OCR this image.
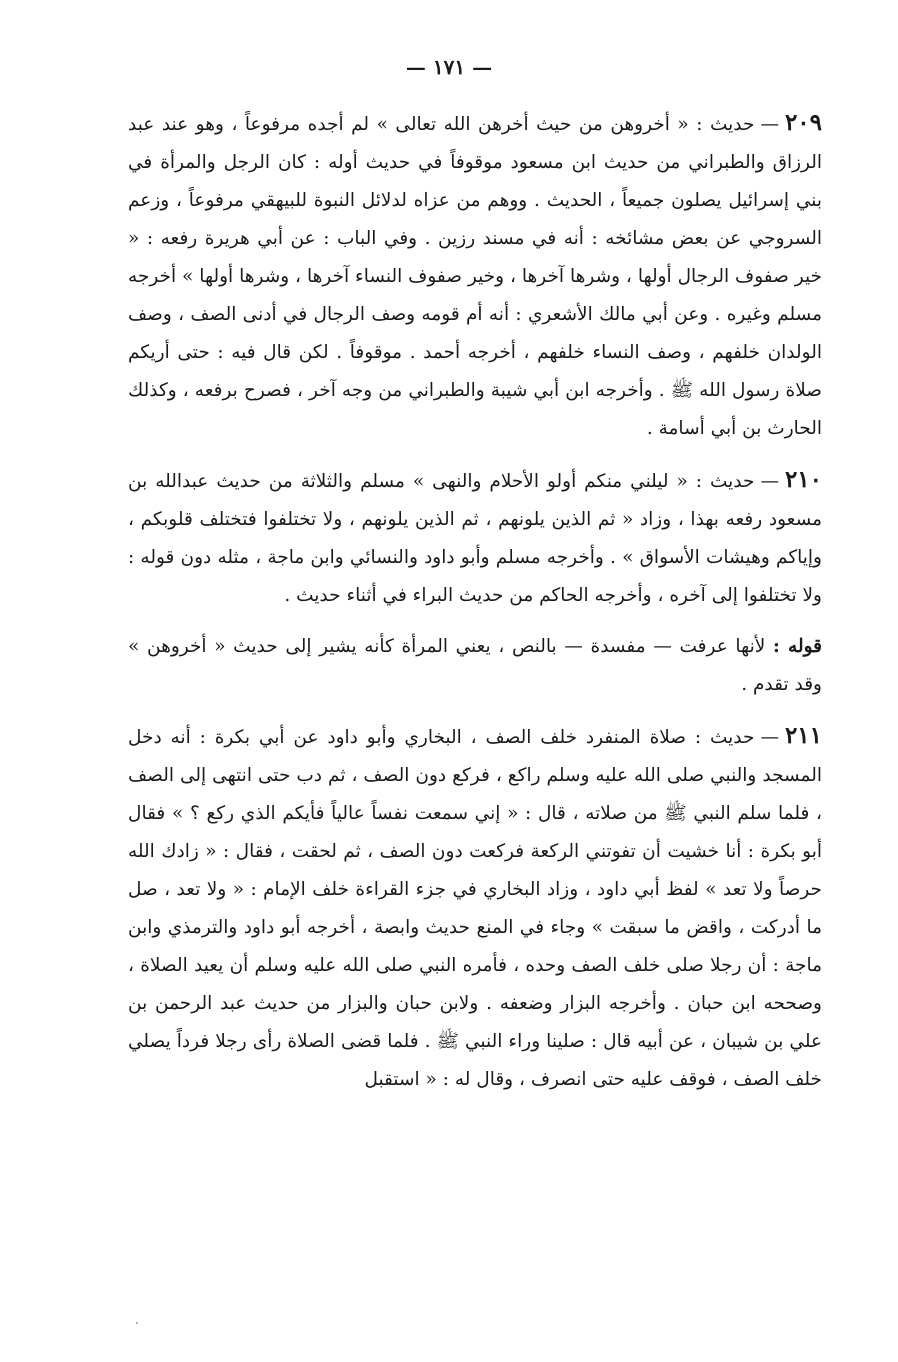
— ١٧١ —

٢٠٩—حديث : « أخروهن من حيث أخرهن الله تعالى » لم أجده مرفوعاً ، وهو عند عبد الرزاق والطبراني من حديث ابن مسعود موقوفاً في حديث أوله : كان الرجل والمرأة في بني إسرائيل يصلون جميعاً ، الحديث . ووهم من عزاه لدلائل النبوة للبيهقي مرفوعاً ، وزعم السروجي عن بعض مشائخه : أنه في مسند رزين . وفي الباب : عن أبي هريرة رفعه : « خير صفوف الرجال أولها ، وشرها آخرها ، وخير صفوف النساء آخرها ، وشرها أولها » أخرجه مسلم وغيره . وعن أبي مالك الأشعري : أنه أم قومه وصف الرجال في أدنى الصف ، وصف الولدان خلفهم ، وصف النساء خلفهم ، أخرجه أحمد . موقوفاً . لكن قال فيه : حتى أريكم صلاة رسول الله ﷺ . وأخرجه ابن أبي شيبة والطبراني من وجه آخر ، فصرح برفعه ، وكذلك الحارث بن أبي أسامة .

٢١٠—حديث : « ليلني منكم أولو الأحلام والنهى » مسلم والثلاثة من حديث عبدالله بن مسعود رفعه بهذا ، وزاد « ثم الذين يلونهم ، ثم الذين يلونهم ، ولا تختلفوا فتختلف قلوبكم ، وإياكم وهيشات الأسواق » . وأخرجه مسلم وأبو داود والنسائي وابن ماجة ، مثله دون قوله : ولا تختلفوا إلى آخره ، وأخرجه الحاكم من حديث البراء في أثناء حديث .

قوله : لأنها عرفت — مفسدة — بالنص ، يعني المرأة كأنه يشير إلى حديث « أخروهن » وقد تقدم .

٢١١—حديث : صلاة المنفرد خلف الصف ، البخاري وأبو داود عن أبي بكرة : أنه دخل المسجد والنبي صلى الله عليه وسلم راكع ، فركع دون الصف ، ثم دب حتى انتهى إلى الصف ، فلما سلم النبي ﷺ من صلاته ، قال : « إني سمعت نفساً عالياً فأيكم الذي ركع ؟ » فقال أبو بكرة : أنا خشيت أن تفوتني الركعة فركعت دون الصف ، ثم لحقت ، فقال : « زادك الله حرصاً ولا تعد » لفظ أبي داود ، وزاد البخاري في جزء القراءة خلف الإمام : « ولا تعد ، صل ما أدركت ، واقض ما سبقت » وجاء في المنع حديث وابصة ، أخرجه أبو داود والترمذي وابن ماجة : أن رجلا صلى خلف الصف وحده ، فأمره النبي صلى الله عليه وسلم أن يعيد الصلاة ، وصححه ابن حبان . وأخرجه البزار وضعفه . ولابن حبان والبزار من حديث عبد الرحمن بن علي بن شيبان ، عن أبيه قال : صلينا وراء النبي ﷺ . فلما قضى الصلاة رأى رجلا فرداً يصلي خلف الصف ، فوقف عليه حتى انصرف ، وقال له : « استقبل
